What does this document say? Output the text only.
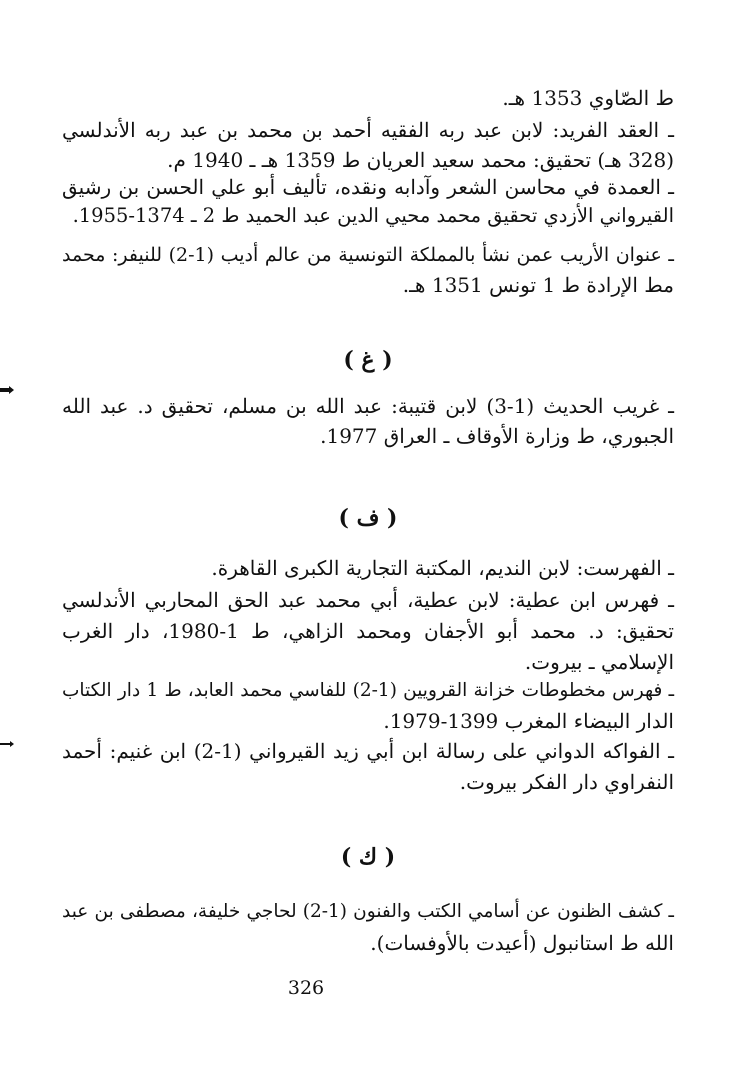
ط الصّاوي 1353 هـ.
ـ العقد الفريد: لابن عبد ربه الفقيه أحمد بن محمد بن عبد ربه الأندلسي
(328 هـ) تحقيق: محمد سعيد العريان ط 1359 هـ ـ 1940 م.
ـ العمدة في محاسن الشعر وآدابه ونقده، تأليف أبو علي الحسن بن رشيق
القيرواني الأزدي تحقيق محمد محيي الدين عبد الحميد ط 2 ـ 1374-1955.
ـ عنوان الأريب عمن نشأ بالمملكة التونسية من عالم أديب (1-2) للنيفر: محمد
مط الإرادة ط 1 تونس 1351 هـ.
( غ )
ـ غريب الحديث (1-3) لابن قتيبة: عبد الله بن مسلم، تحقيق د. عبد الله
الجبوري، ط وزارة الأوقاف ـ العراق 1977.
( ف )
ـ الفهرست: لابن النديم، المكتبة التجارية الكبرى القاهرة.
ـ فهرس ابن عطية: لابن عطية، أبي محمد عبد الحق المحاربي الأندلسي
تحقيق: د. محمد أبو الأجفان ومحمد الزاهي، ط 1-1980، دار الغرب
الإسلامي ـ بيروت.
ـ فهرس مخطوطات خزانة القرويين (1-2) للفاسي محمد العابد، ط 1 دار الكتاب
الدار البيضاء المغرب 1399-1979.
ـ الفواكه الدواني على رسالة ابن أبي زيد القيرواني (1-2) ابن غنيم: أحمد
النفراوي دار الفكر بيروت.
( ك )
ـ كشف الظنون عن أسامي الكتب والفنون (1-2) لحاجي خليفة، مصطفى بن عبد
الله ط استانبول (أعيدت بالأوفسات).
326
